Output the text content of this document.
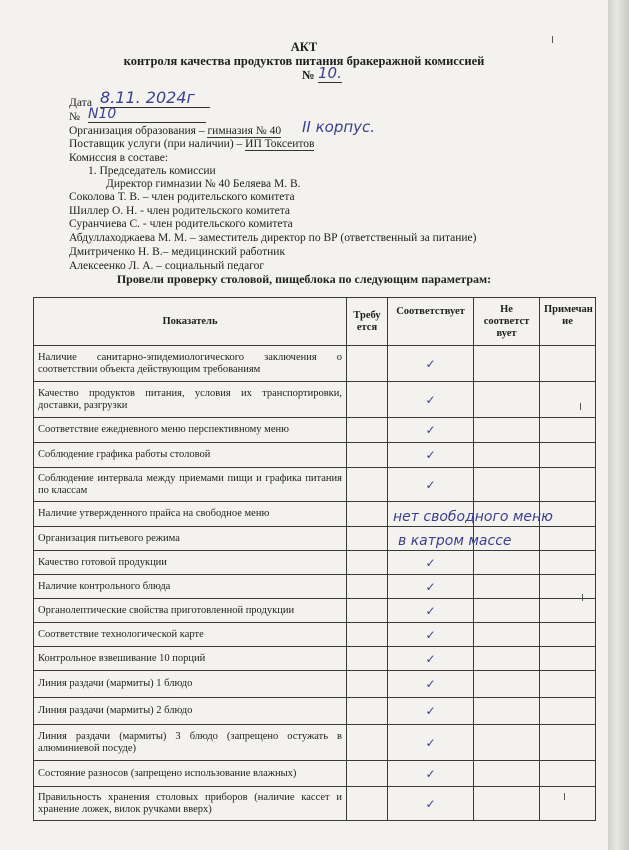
АКТ
контроля качества продуктов питания бракеражной комиссией
№ 10.
Дата 8.11. 2024г
№ N10
Организация образования – гимназия № 40 II корпус.
Поставщик услуги (при наличии) – ИП Токсеитов
Комиссия в составе:
1. Председатель комиссии
Директор гимназии № 40 Беляева М. В.
Соколова Т. В. – член родительского комитета
Шиллер О. Н. - член родительского комитета
Суранчиева С. - член родительского комитета
Абдуллаходжаева М. М. – заместитель директор по ВР (ответственный за питание)
Дмитриченко Н. В.– медицинский работник
Алексеенко Л. А. – социальный педагог
Провели проверку столовой, пищеблока по следующим параметрам:
Показатель	Требу ется	Соответствует	Не соответст вует	Примечан ие
Наличие санитарно-эпидемиологического заключения о соответствии объекта действующим требованиям		✓		
Качество продуктов питания, условия их транспортировки, доставки, разгрузки		✓		
Соответствие ежедневного меню перспективному меню		✓		
Соблюдение графика работы столовой		✓		
Соблюдение интервала между приемами пищи и графика питания по классам		✓		
Наличие утвержденного прайса на свободное меню				
Организация питьевого режима				
Качество готовой продукции		✓		
Наличие контрольного блюда		✓		
Органолептические свойства приготовленной продукции		✓		
Соответствие технологической карте		✓		
Контрольное взвешивание 10 порций		✓		
Линия раздачи (мармиты) 1 блюдо		✓		
Линия раздачи (мармиты) 2 блюдо		✓		
Линия раздачи (мармиты) 3 блюдо (запрещено остужать в алюминиевой посуде)		✓		
Состояние разносов (запрещено использование влажных)		✓		
Правильность хранения столовых приборов (наличие кассет и хранение ложек, вилок ручками вверх)		✓		
нет свободного меню
в катром массе
